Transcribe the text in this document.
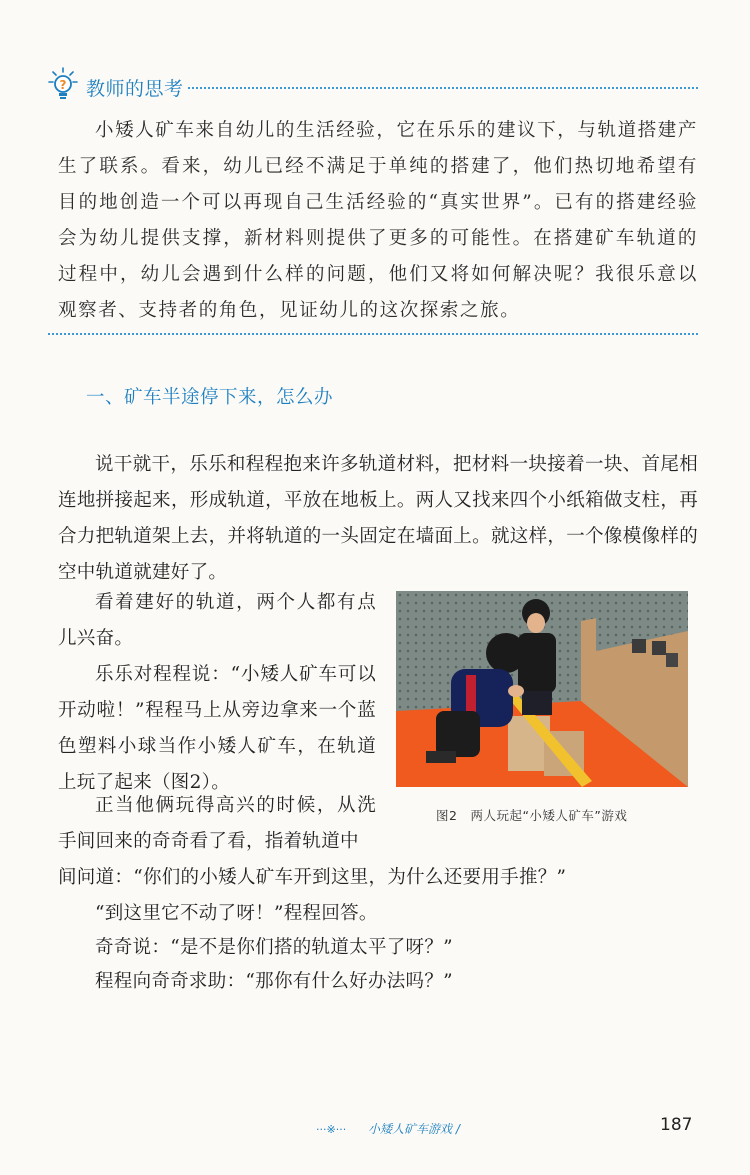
? 教师的思考
小矮人矿车来自幼儿的生活经验，它在乐乐的建议下，与轨道搭建产生了联系。看来，幼儿已经不满足于单纯的搭建了，他们热切地希望有目的地创造一个可以再现自己生活经验的“真实世界”。已有的搭建经验会为幼儿提供支撑，新材料则提供了更多的可能性。在搭建矿车轨道的过程中，幼儿会遇到什么样的问题，他们又将如何解决呢？我很乐意以观察者、支持者的角色，见证幼儿的这次探索之旅。
一、矿车半途停下来，怎么办
说干就干，乐乐和程程抱来许多轨道材料，把材料一块接着一块、首尾相连地拼接起来，形成轨道，平放在地板上。两人又找来四个小纸箱做支柱，再合力把轨道架上去，并将轨道的一头固定在墙面上。就这样，一个像模像样的空中轨道就建好了。
看着建好的轨道，两个人都有点儿兴奋。
乐乐对程程说：“小矮人矿车可以开动啦！”程程马上从旁边拿来一个蓝色塑料小球当作小矮人矿车，在轨道上玩了起来（图2）。
正当他俩玩得高兴的时候，从洗手间回来的奇奇看了看，指着轨道中
间问道：“你们的小矮人矿车开到这里，为什么还要用手推？”
“到这里它不动了呀！”程程回答。
奇奇说：“是不是你们搭的轨道太平了呀？”
程程向奇奇求助：“那你有什么好办法吗？”
图2　两人玩起“小矮人矿车”游戏
···※··· 小矮人矿车游戏 /	187
